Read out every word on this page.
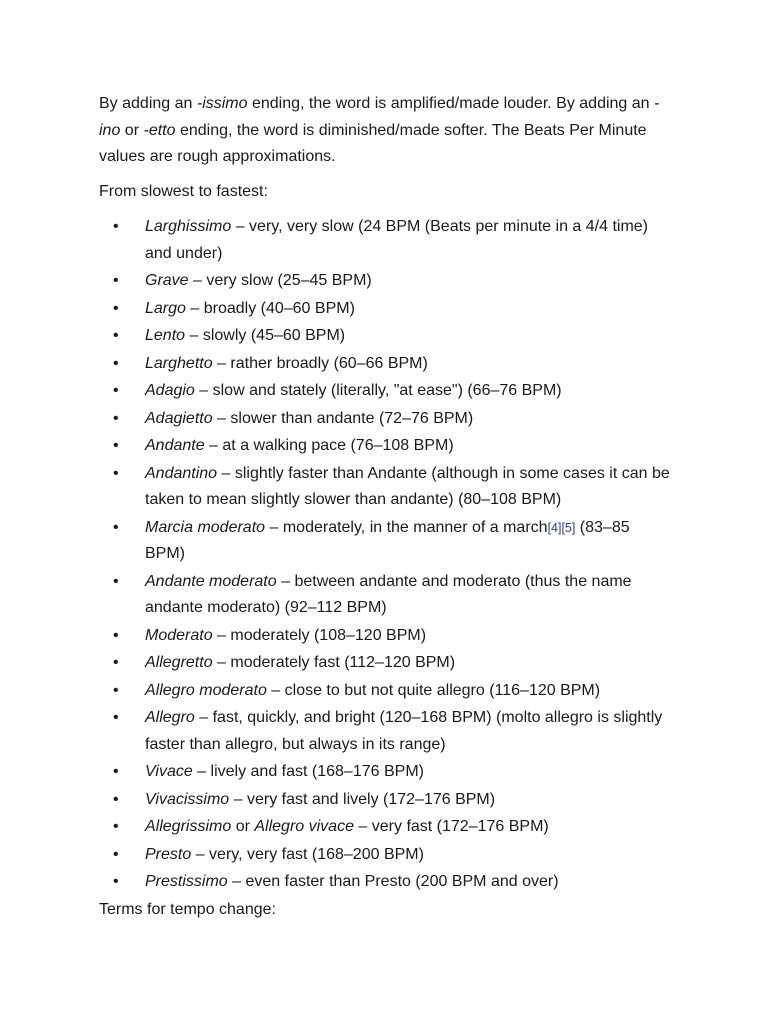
By adding an -issimo ending, the word is amplified/made louder. By adding an -ino or -etto ending, the word is diminished/made softer. The Beats Per Minute values are rough approximations.

From slowest to fastest:

• Larghissimo – very, very slow (24 BPM (Beats per minute in a 4/4 time) and under)
• Grave – very slow (25–45 BPM)
• Largo – broadly (40–60 BPM)
• Lento – slowly (45–60 BPM)
• Larghetto – rather broadly (60–66 BPM)
• Adagio – slow and stately (literally, "at ease") (66–76 BPM)
• Adagietto – slower than andante (72–76 BPM)
• Andante – at a walking pace (76–108 BPM)
• Andantino – slightly faster than Andante (although in some cases it can be taken to mean slightly slower than andante) (80–108 BPM)
• Marcia moderato – moderately, in the manner of a march[4][5] (83–85 BPM)
• Andante moderato – between andante and moderato (thus the name andante moderato) (92–112 BPM)
• Moderato – moderately (108–120 BPM)
• Allegretto – moderately fast (112–120 BPM)
• Allegro moderato – close to but not quite allegro (116–120 BPM)
• Allegro – fast, quickly, and bright (120–168 BPM) (molto allegro is slightly faster than allegro, but always in its range)
• Vivace – lively and fast (168–176 BPM)
• Vivacissimo – very fast and lively (172–176 BPM)
• Allegrissimo or Allegro vivace – very fast (172–176 BPM)
• Presto – very, very fast (168–200 BPM)
• Prestissimo – even faster than Presto (200 BPM and over)

Terms for tempo change:
